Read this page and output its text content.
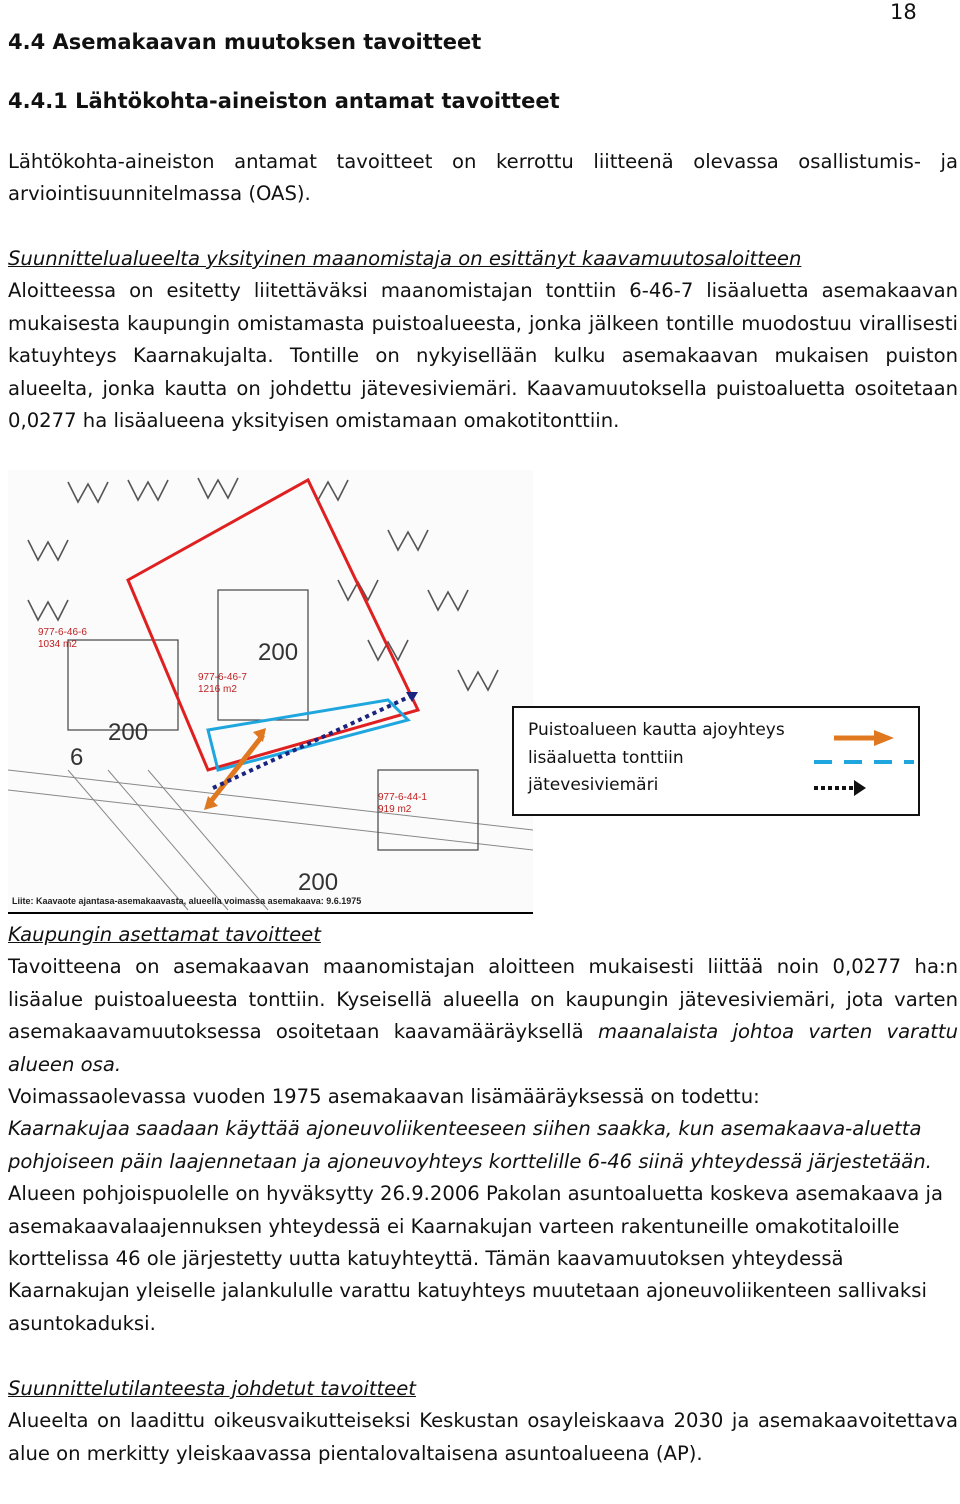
18
4.4 Asemakaavan muutoksen tavoitteet
4.4.1 Lähtökohta-aineiston antamat tavoitteet

Lähtökohta-aineiston antamat tavoitteet on kerrottu liitteenä olevassa osallistumis- ja arviointisuunnitelmassa (OAS).

Suunnittelualueelta yksityinen maanomistaja on esittänyt kaavamuutosaloitteen

Aloitteessa on esitetty liitettäväksi maanomistajan tonttiin 6-46-7 lisäaluetta asemakaavan mukaisesta kaupungin omistamasta puistoalueesta, jonka jälkeen tontille muodostuu virallisesti katuyhteys Kaarnakujalta. Tontille on nykyisellään kulku asemakaavan mukaisen puiston alueelta, jonka kautta on johdettu jätevesiviemäri. Kaavamuutoksella puistoaluetta osoitetaan 0,0277 ha lisäalueena yksityisen omistamaan omakotitonttiin.

977-6-46-6
1034 m2
977-6-46-7
1216 m2
977-6-44-1
919 m2
200
200
200
6
Liite: Kaavaote ajantasa-asemakaavasta, alueella voimassa asemakaava: 9.6.1975
Puistoalueen kautta ajoyhteys
lisäaluetta tonttiin
jätevesiviemäri

Kaupungin asettamat tavoitteet

Tavoitteena on asemakaavan maanomistajan aloitteen mukaisesti liittää noin 0,0277 ha:n lisäalue puistoalueesta tonttiin. Kyseisellä alueella on kaupungin jätevesiviemäri, jota varten asemakaavamuutoksessa osoitetaan kaavamääräyksellä maanalaista johtoa varten varattu alueen osa.

Voimassaolevassa vuoden 1975 asemakaavan lisämääräyksessä on todettu:

Kaarnakujaa saadaan käyttää ajoneuvoliikenteeseen siihen saakka, kun asemakaava-aluetta pohjoiseen päin laajennetaan ja ajoneuvoyhteys korttelille 6-46 siinä yhteydessä järjestetään. Alueen pohjoispuolelle on hyväksytty 26.9.2006 Pakolan asuntoaluetta koskeva asemakaava ja asemakaavalaajennuksen yhteydessä ei Kaarnakujan varteen rakentuneille omakotitaloille korttelissa 46 ole järjestetty uutta katuyhteyttä. Tämän kaavamuutoksen yhteydessä Kaarnakujan yleiselle jalankululle varattu katuyhteys muutetaan ajoneuvoliikenteen sallivaksi asuntokaduksi.

Suunnittelutilanteesta johdetut tavoitteet

Alueelta on laadittu oikeusvaikutteiseksi Keskustan osayleiskaava 2030 ja asemakaavoitettava alue on merkitty yleiskaavassa pientalovaltaisena asuntoalueena (AP).
